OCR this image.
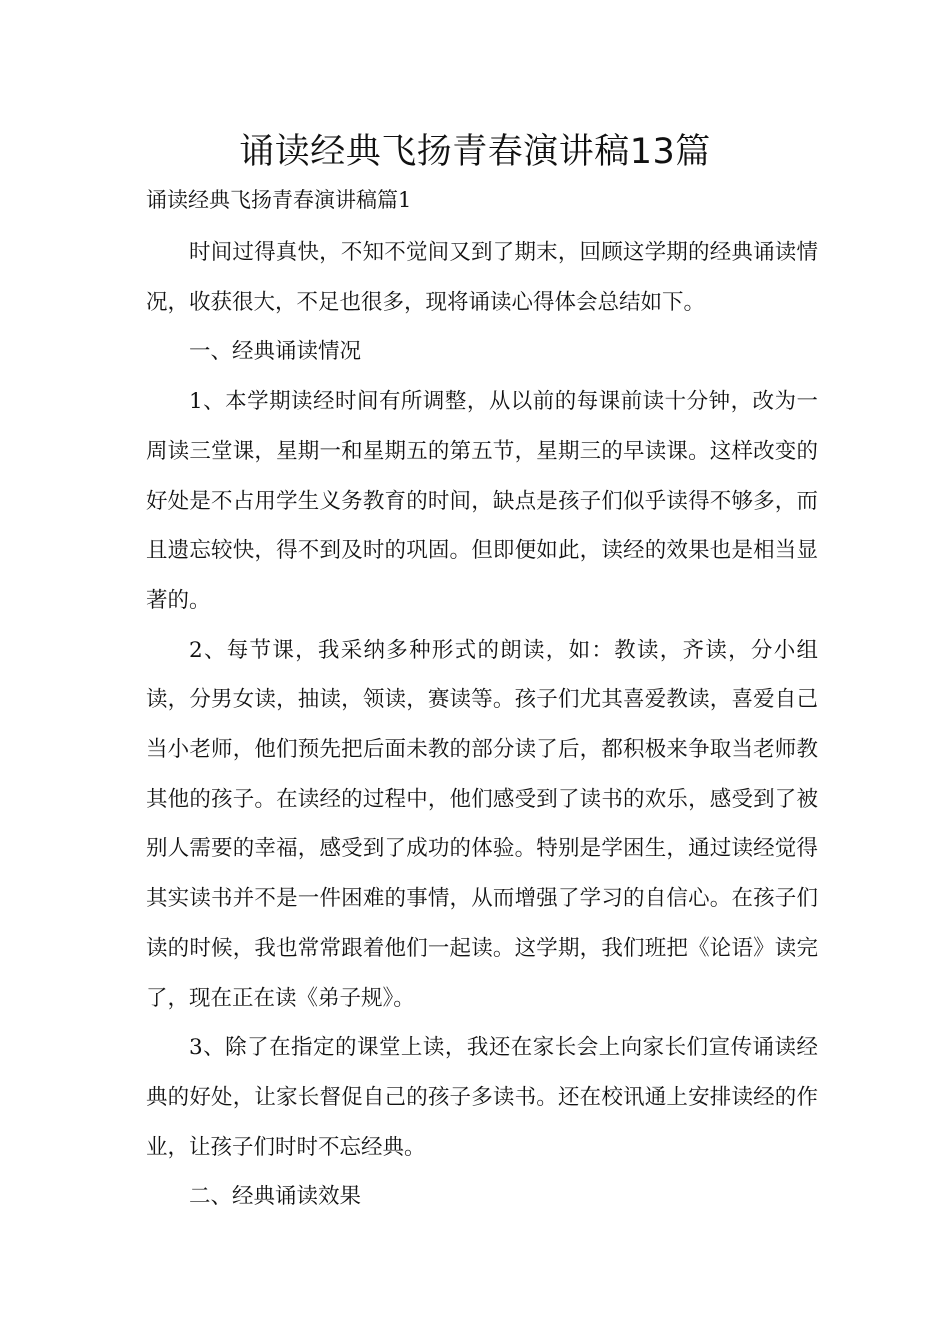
诵读经典飞扬青春演讲稿13篇
诵读经典飞扬青春演讲稿篇1

时间过得真快，不知不觉间又到了期末，回顾这学期的经典诵读情况，收获很大，不足也很多，现将诵读心得体会总结如下。

一、经典诵读情况

1、本学期读经时间有所调整，从以前的每课前读十分钟，改为一周读三堂课，星期一和星期五的第五节，星期三的早读课。这样改变的好处是不占用学生义务教育的时间，缺点是孩子们似乎读得不够多，而且遗忘较快，得不到及时的巩固。但即便如此，读经的效果也是相当显著的。

2、每节课，我采纳多种形式的朗读，如：教读，齐读，分小组读，分男女读，抽读，领读，赛读等。孩子们尤其喜爱教读，喜爱自己当小老师，他们预先把后面未教的部分读了后，都积极来争取当老师教其他的孩子。在读经的过程中，他们感受到了读书的欢乐，感受到了被别人需要的幸福，感受到了成功的体验。特别是学困生，通过读经觉得其实读书并不是一件困难的事情，从而增强了学习的自信心。在孩子们读的时候，我也常常跟着他们一起读。这学期，我们班把《论语》读完了，现在正在读《弟子规》。

3、除了在指定的课堂上读，我还在家长会上向家长们宣传诵读经典的好处，让家长督促自己的孩子多读书。还在校讯通上安排读经的作业，让孩子们时时不忘经典。

二、经典诵读效果
